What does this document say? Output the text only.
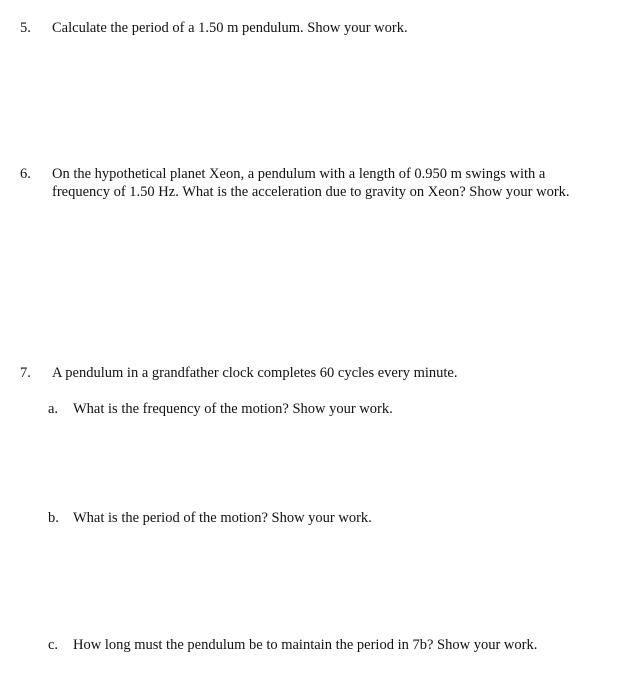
5. Calculate the period of a 1.50 m pendulum. Show your work.
6. On the hypothetical planet Xeon, a pendulum with a length of 0.950 m swings with a frequency of 1.50 Hz. What is the acceleration due to gravity on Xeon? Show your work.
7. A pendulum in a grandfather clock completes 60 cycles every minute.
a. What is the frequency of the motion? Show your work.
b. What is the period of the motion? Show your work.
c. How long must the pendulum be to maintain the period in 7b? Show your work.
